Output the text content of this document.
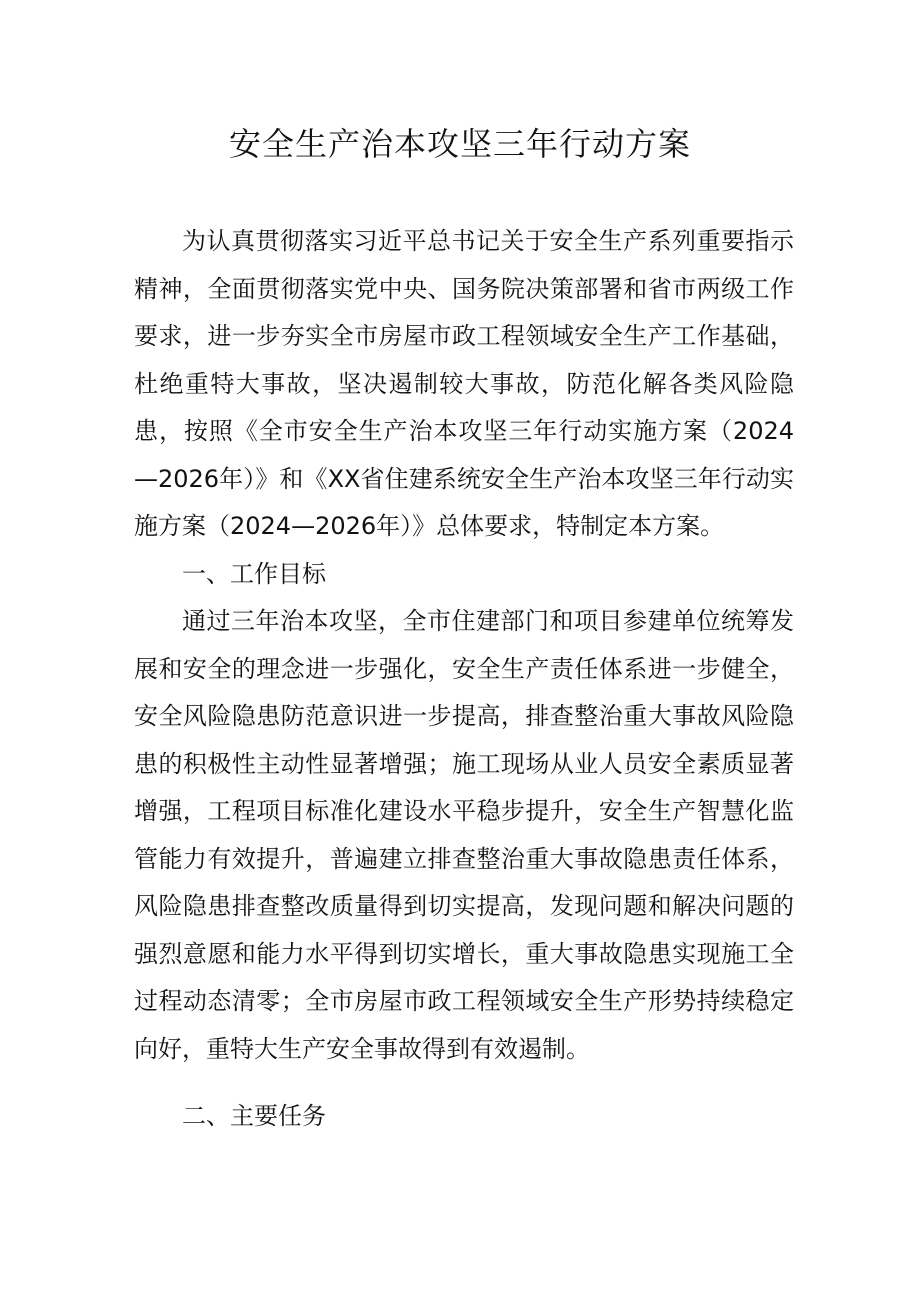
安全生产治本攻坚三年行动方案

为认真贯彻落实习近平总书记关于安全生产系列重要指示精神，全面贯彻落实党中央、国务院决策部署和省市两级工作要求，进一步夯实全市房屋市政工程领域安全生产工作基础，杜绝重特大事故，坚决遏制较大事故，防范化解各类风险隐患，按照《全市安全生产治本攻坚三年行动实施方案（2024—2026年）》和《XX省住建系统安全生产治本攻坚三年行动实施方案（2024—2026年）》总体要求，特制定本方案。

一、工作目标

通过三年治本攻坚，全市住建部门和项目参建单位统筹发展和安全的理念进一步强化，安全生产责任体系进一步健全，安全风险隐患防范意识进一步提高，排查整治重大事故风险隐患的积极性主动性显著增强；施工现场从业人员安全素质显著增强，工程项目标准化建设水平稳步提升，安全生产智慧化监管能力有效提升，普遍建立排查整治重大事故隐患责任体系，风险隐患排查整改质量得到切实提高，发现问题和解决问题的强烈意愿和能力水平得到切实增长，重大事故隐患实现施工全过程动态清零；全市房屋市政工程领域安全生产形势持续稳定向好，重特大生产安全事故得到有效遏制。

二、主要任务
